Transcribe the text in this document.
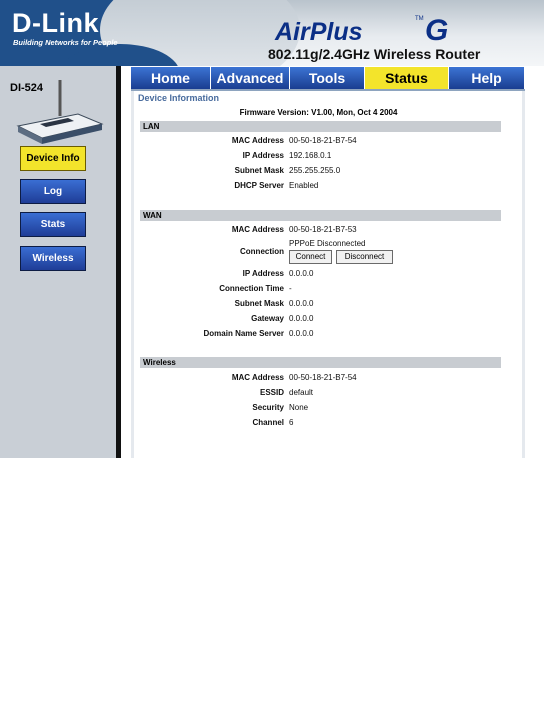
D-Link
Building Networks for People	AirPlus	TM G
802.11g/2.4GHz Wireless Router
DI-524
Device Info
Log
Stats
Wireless
Home	Advanced	Tools	Status	Help
Device Information
Firmware Version: V1.00, Mon, Oct 4 2004
LAN
MAC Address 00-50-18-21-B7-54
IP Address 192.168.0.1
Subnet Mask 255.255.255.0
DHCP Server Enabled
WAN
MAC Address 00-50-18-21-B7-53
Connection
PPPoE Disconnected
Connect	Disconnect
IP Address 0.0.0.0
Connection Time -
Subnet Mask 0.0.0.0
Gateway 0.0.0.0
Domain Name Server 0.0.0.0
Wireless
MAC Address 00-50-18-21-B7-54
ESSID default
Security None
Channel 6
